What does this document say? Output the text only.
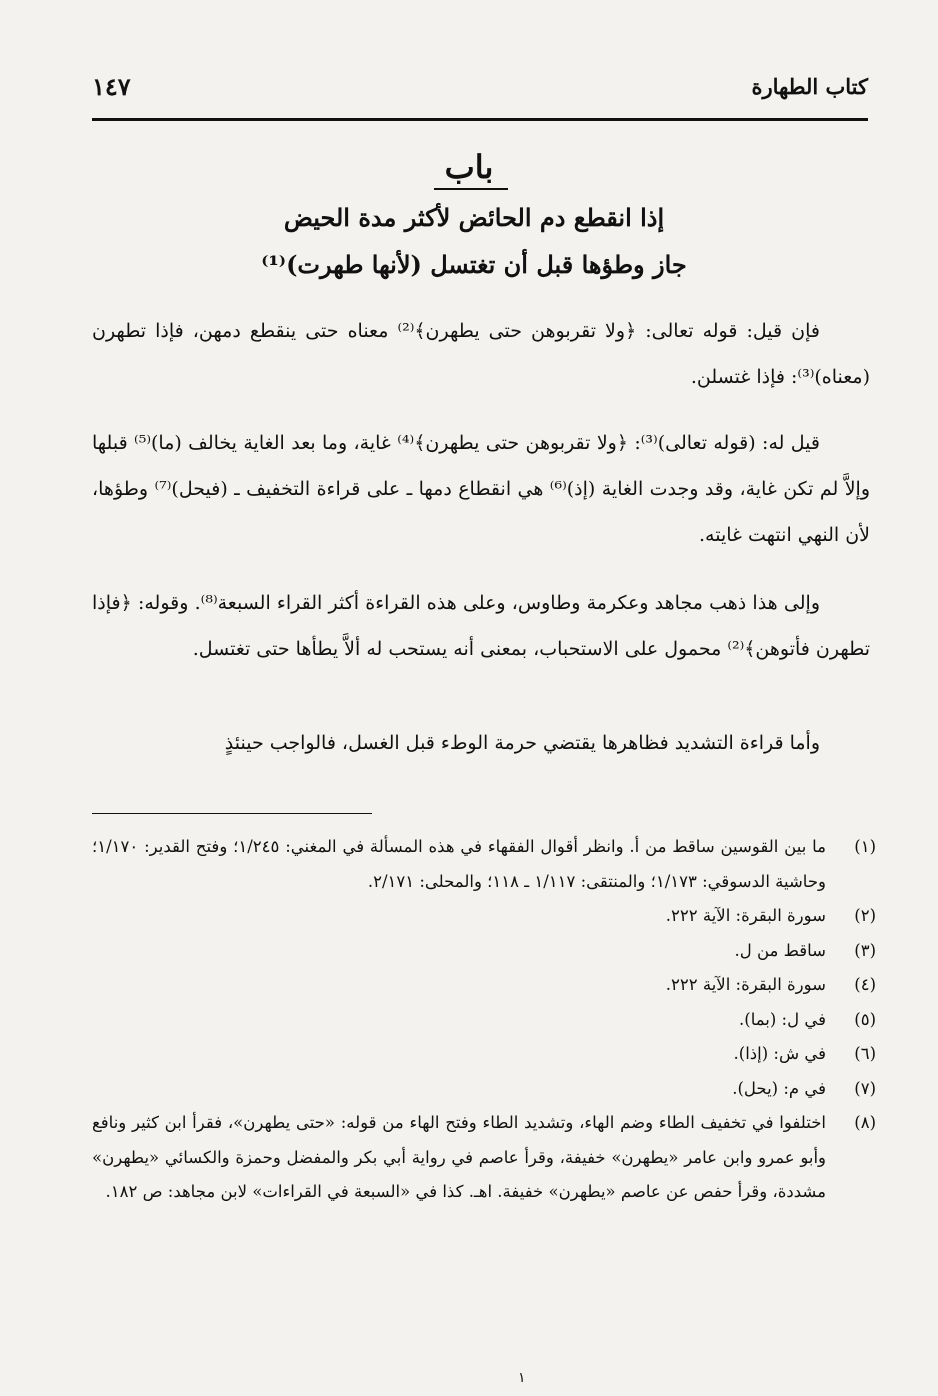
كتاب الطهارة
١٤٧
باب
إذا انقطع دم الحائض لأكثر مدة الحيض
جاز وطؤها قبل أن تغتسل (لأنها طهرت)⁽¹⁾
فإن قيل: قوله تعالى: ﴿ولا تقربوهن حتى يطهرن﴾⁽²⁾ معناه حتى ينقطع دمهن، فإذا تطهرن (معناه)⁽³⁾: فإذا غتسلن.
قيل له: (قوله تعالى)⁽³⁾: ﴿ولا تقربوهن حتى يطهرن﴾⁽⁴⁾ غاية، وما بعد الغاية يخالف (ما)⁽⁵⁾ قبلها وإلاَّ لم تكن غاية، وقد وجدت الغاية (إذ)⁽⁶⁾ هي انقطاع دمها ـ على قراءة التخفيف ـ (فيحل)⁽⁷⁾ وطؤها، لأن النهي انتهت غايته.
وإلى هذا ذهب مجاهد وعكرمة وطاوس، وعلى هذه القراءة أكثر القراء السبعة⁽⁸⁾. وقوله: ﴿فإذا تطهرن فأتوهن﴾⁽²⁾ محمول على الاستحباب، بمعنى أنه يستحب له ألاَّ يطأها حتى تغتسل.
وأما قراءة التشديد فظاهرها يقتضي حرمة الوطء قبل الغسل، فالواجب حينئذٍ
(١)
ما بين القوسين ساقط من أ. وانظر أقوال الفقهاء في هذه المسألة في المغني: ١/٢٤٥؛ وفتح القدير: ١/١٧٠؛ وحاشية الدسوقي: ١/١٧٣؛ والمنتقى: ١/١١٧ ـ ١١٨؛ والمحلى: ٢/١٧١.
(٢)
سورة البقرة: الآية ٢٢٢.
(٣)
ساقط من ل.
(٤)
سورة البقرة: الآية ٢٢٢.
(٥)
في ل: (بما).
(٦)
في ش: (إذا).
(٧)
في م: (يحل).
(٨)
اختلفوا في تخفيف الطاء وضم الهاء، وتشديد الطاء وفتح الهاء من قوله: «حتى يطهرن»، فقرأ ابن كثير ونافع وأبو عمرو وابن عامر «يطهرن» خفيفة، وقرأ عاصم في رواية أبي بكر والمفضل وحمزة والكسائي «يطهرن» مشددة، وقرأ حفص عن عاصم «يطهرن» خفيفة. اهـ. كذا في «السبعة في القراءات» لابن مجاهد: ص ١٨٢.
١
